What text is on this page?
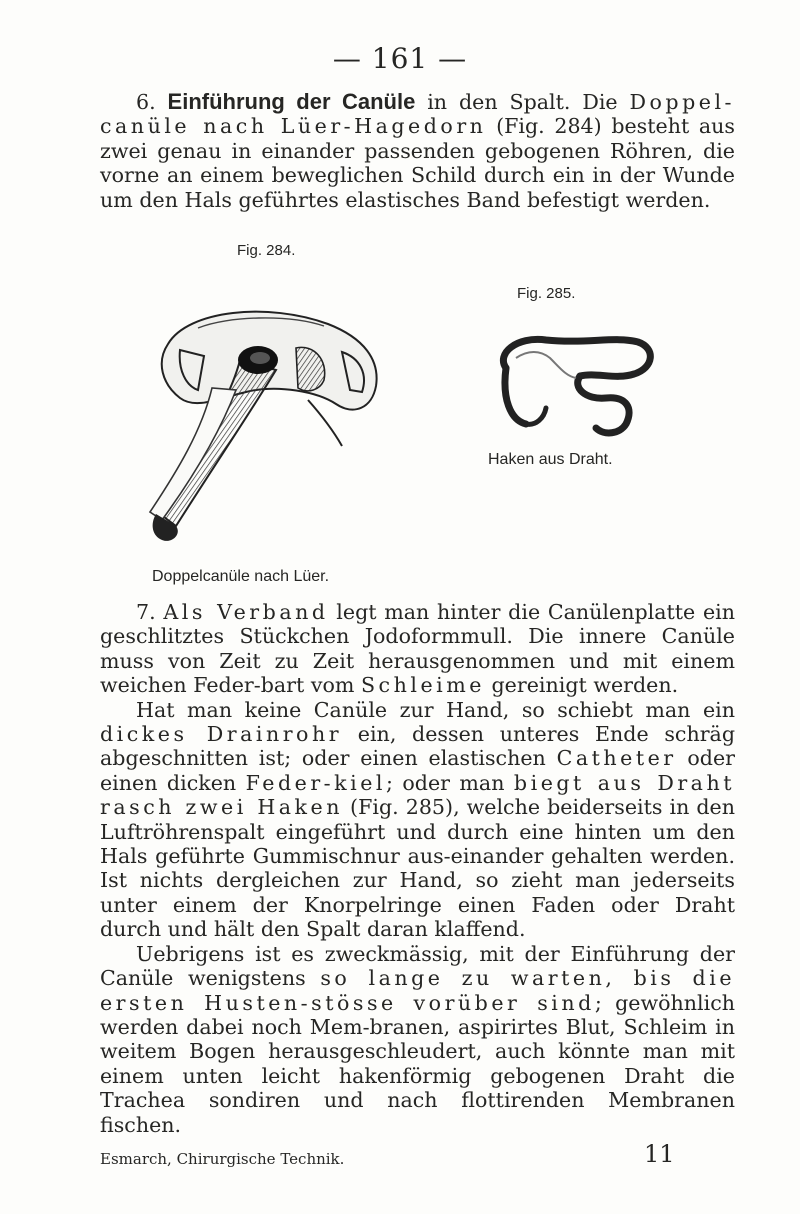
— 161 —

6. Einführung der Canüle in den Spalt. Die Doppel-canüle nach Lüer-Hagedorn (Fig. 284) besteht aus zwei genau in einander passenden gebogenen Röhren, die vorne an einem beweglichen Schild durch ein in der Wunde um den Hals geführtes elastisches Band befestigt werden.

Fig. 284.
Doppelcanüle nach Lüer.
Fig. 285.
Haken aus Draht.

7. Als Verband legt man hinter die Canülenplatte ein geschlitztes Stückchen Jodoformmull. Die innere Canüle muss von Zeit zu Zeit herausgenommen und mit einem weichen Feder-bart vom Schleime gereinigt werden.

Hat man keine Canüle zur Hand, so schiebt man ein dickes Drainrohr ein, dessen unteres Ende schräg abgeschnitten ist; oder einen elastischen Catheter oder einen dicken Feder-kiel; oder man biegt aus Draht rasch zwei Haken (Fig. 285), welche beiderseits in den Luftröhrenspalt eingeführt und durch eine hinten um den Hals geführte Gummischnur aus-einander gehalten werden. Ist nichts dergleichen zur Hand, so zieht man jederseits unter einem der Knorpelringe einen Faden oder Draht durch und hält den Spalt daran klaffend.

Uebrigens ist es zweckmässig, mit der Einführung der Canüle wenigstens so lange zu warten, bis die ersten Husten-stösse vorüber sind; gewöhnlich werden dabei noch Mem-branen, aspirirtes Blut, Schleim in weitem Bogen herausgeschleudert, auch könnte man mit einem unten leicht hakenförmig gebogenen Draht die Trachea sondiren und nach flottirenden Membranen fischen.

Esmarch, Chirurgische Technik.	11
